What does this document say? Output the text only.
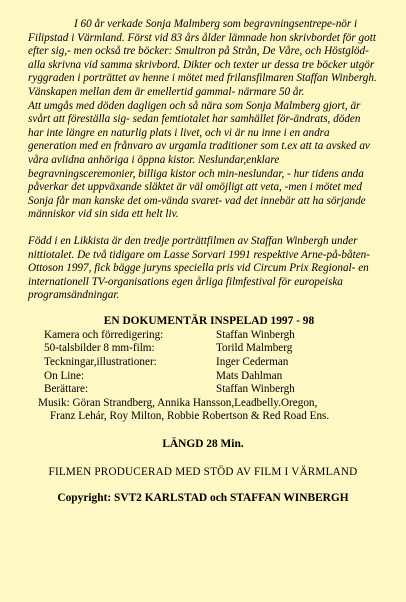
I 60 år verkade Sonja Malmberg som begravningsentrepe-nör i Filipstad i Värmland. Först vid 83 års ålder lämnade hon skrivbordet för gott efter sig,- men också tre böcker: Smultron på Strån, De Våre, och Höstglöd- alla skrivna vid samma skrivbord. Dikter och texter ur dessa tre böcker utgör ryggraden i porträttet av henne i mötet med frilansfilmaren Staffan Winbergh. Vänskapen mellan dem är emellertid gammal- närmare 50 år.
Att umgås med döden dagligen och så nära som Sonja Malmberg gjort, är svårt att föreställa sig- sedan femtiotalet har samhället för-ändrats, döden har inte längre en naturlig plats i livet, och vi är nu inne i en andra generation med en frånvaro av urgamla traditioner som t.ex att ta avsked av våra avlidna anhöriga i öppna kistor. Neslundar,enklare begravningsceremonier, billiga kistor och min-neslundar, - hur tidens anda påverkar det uppväxande släktet är väl omöjligt att veta, -men i mötet med Sonja får man kanske det om-vända svaret- vad det innebär att ha sörjande människor vid sin sida ett helt liv.

Född i en Likkista är den tredje porträttfilmen av Staffan Winbergh under nittiotalet. De två tidigare om Lasse Sorvari 1991 respektive Arne-på-båten-Ottoson 1997, fick bägge juryns speciella pris vid Circum Prix Regional- en internationell TV-organisations egen årliga filmfestival för europeiska programsändningar.

EN DOKUMENTÄR INSPELAD 1997 - 98
Kamera och förredigering:	Staffan Winbergh
50-talsbilder 8 mm-film:	Torild Malmberg
Teckningar,illustrationer:	Inger Cederman
On Line:	Mats Dahlman
Berättare:	Staffan Winbergh
Musik: Göran Strandberg, Annika Hansson,Leadbelly.Oregon,
Franz Lehár, Roy Milton, Robbie Robertson & Red Road Ens.
LÄNGD 28 Min.
FILMEN PRODUCERAD MED STÖD AV FILM I VÄRMLAND
Copyright: SVT2 KARLSTAD och STAFFAN WINBERGH
